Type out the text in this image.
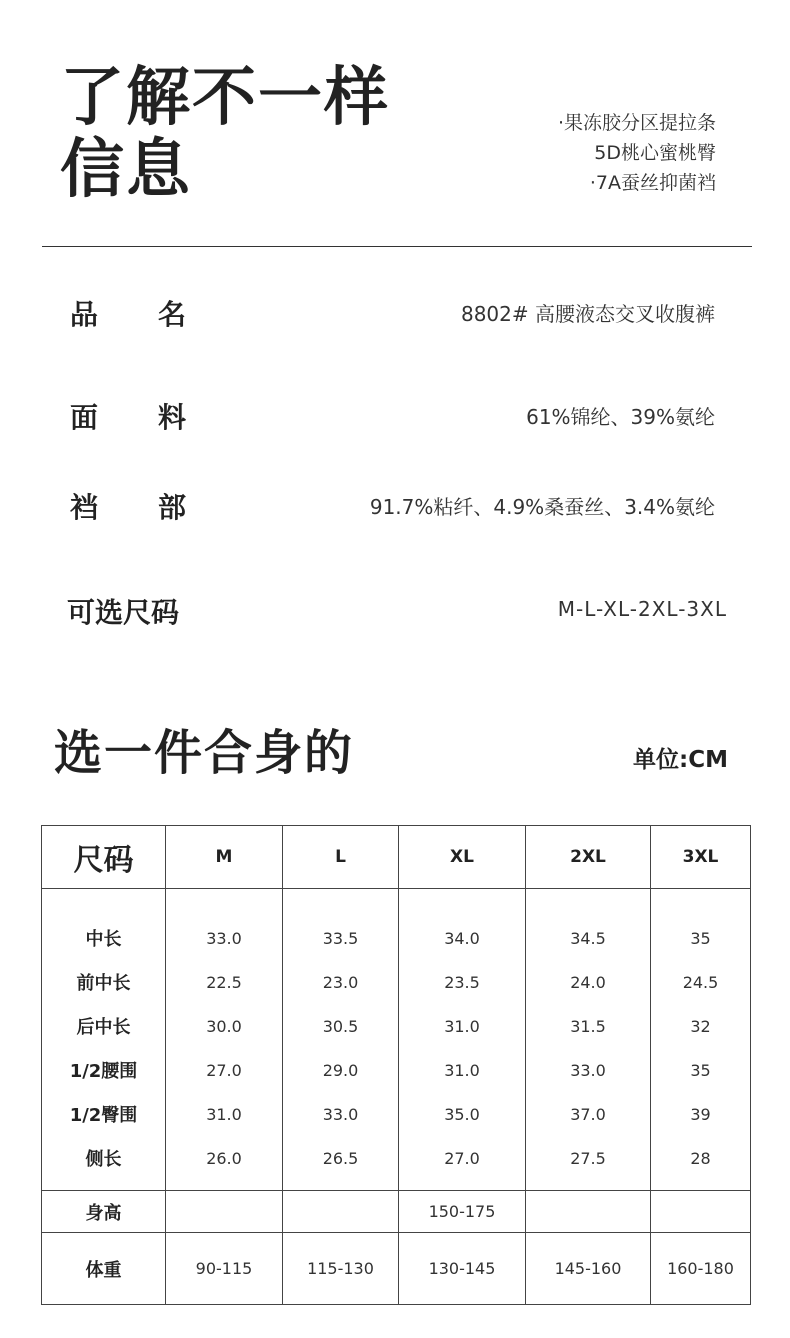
了解不一样
信息
·果冻胶分区提拉条
5D桃心蜜桃臀
·7A蚕丝抑菌裆
品名	8802# 高腰液态交叉收腹裤
面料	61%锦纶、39%氨纶
裆部	91.7%粘纤、4.9%桑蚕丝、3.4%氨纶
可选尺码	M-L-XL-2XL-3XL
选一件合身的	单位:CM
尺码	M	L	XL	2XL	3XL

中长	33.0	33.5	34.0	34.5	35
前中长	22.5	23.0	23.5	24.0	24.5
后中长	30.0	30.5	31.0	31.5	32
1/2腰围	27.0	29.0	31.0	33.0	35
1/2臀围	31.0	33.0	35.0	37.0	39
侧长	26.0	26.5	27.0	27.5	28

身高			150-175		
体重	90-115	115-130	130-145	145-160	160-180
